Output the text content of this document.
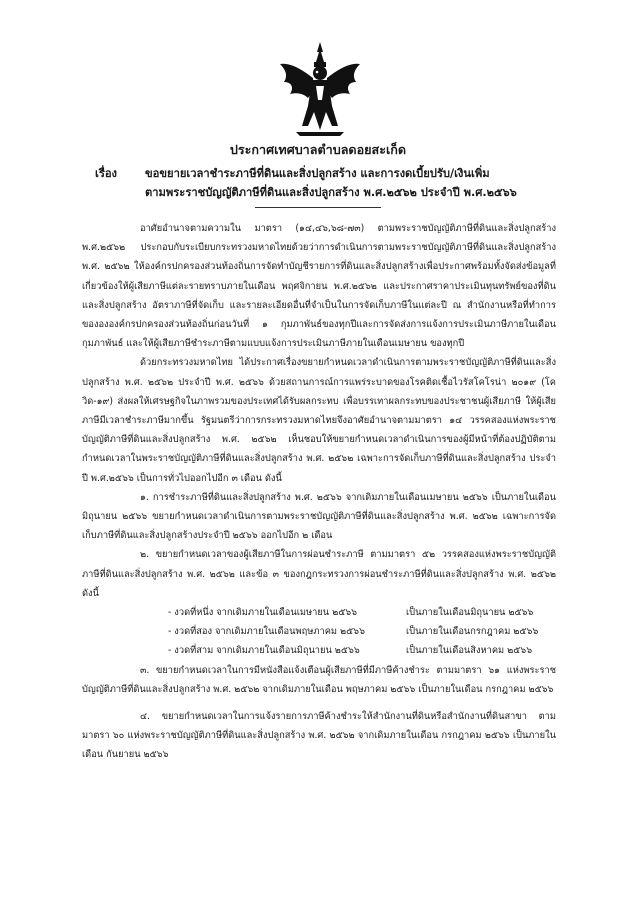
ประกาศเทศบาลตำบลดอยสะเก็ด
เรื่อง ขอขยายเวลาชำระภาษีที่ดินและสิ่งปลูกสร้าง และการงดเบี้ยปรับ/เงินเพิ่ม
ตามพระราชบัญญัติภาษีที่ดินและสิ่งปลูกสร้าง พ.ศ.๒๕๖๒ ประจำปี พ.ศ.๒๕๖๖

อาศัยอำนาจตามความใน มาตรา (๑๔,๔๖,๖๘-๗๓) ตามพระราชบัญญัติภาษีที่ดินและสิ่งปลูกสร้าง พ.ศ.๒๕๖๒ ประกอบกับระเบียบกระทรวงมหาดไทยด้วยว่าการดำเนินการตามพระราชบัญญัติภาษีที่ดินและสิ่งปลูกสร้าง พ.ศ. ๒๕๖๒ ให้องค์กรปกครองส่วนท้องถิ่นการจัดทำบัญชีรายการที่ดินและสิ่งปลูกสร้างเพื่อประกาศพร้อมทั้งจัดส่งข้อมูลที่เกี่ยวข้องให้ผู้เสียภาษีแต่ละรายทราบภายในเดือน พฤศจิกายน พ.ศ.๒๕๖๒ และประกาศราคาประเมินทุนทรัพย์ของที่ดินและสิ่งปลูกสร้าง อัตราภาษีที่จัดเก็บ และรายละเอียดอื่นที่จำเป็นในการจัดเก็บภาษีในแต่ละปี ณ สำนักงานหรือที่ทำการของององค์กรปกครองส่วนท้องถิ่นก่อนวันที่ ๑ กุมภาพันธ์ของทุกปีและการจัดส่งการแจ้งการประเมินภาษีภายในเดือน กุมภาพันธ์ และให้ผู้เสียภาษีชำระภาษีตามแบบแจ้งการประเมินภาษีภายในเดือนเมษายน ของทุกปี

ด้วยกระทรวงมหาดไทย ได้ประกาศเรื่องขยายกำหนดเวลาดำเนินการตามพระราชบัญญัติภาษีที่ดินและสิ่งปลูกสร้าง พ.ศ. ๒๕๖๒ ประจำปี พ.ศ. ๒๕๖๖ ด้วยสถานการณ์การแพร่ระบาดของโรคติดเชื้อไวรัสโคโรน่า ๒๐๑๙ (โควิด-๑๙) ส่งผลให้เศรษฐกิจในภาพรวมของประเทศได้รับผลกระทบ เพื่อบรรเทาผลกระทบของประชาชนผู้เสียภาษี ให้ผู้เสียภาษีมีเวลาชำระภาษีมากขึ้น รัฐมนตรีว่าการกระทรวงมหาดไทยจึงอาศัยอำนาจตามมาตรา ๑๔ วรรคสองแห่งพระราชบัญญัติภาษีที่ดินและสิ่งปลูกสร้าง พ.ศ. ๒๕๖๒ เห็นชอบให้ขยายกำหนดเวลาดำเนินการของผู้มีหน้าที่ต้องปฏิบัติตามกำหนดเวลาในพระราชบัญญัติภาษีที่ดินและสิ่งปลูกสร้าง พ.ศ. ๒๕๖๒ เฉพาะการจัดเก็บภาษีที่ดินและสิ่งปลูกสร้าง ประจำปี พ.ศ.๒๕๖๖ เป็นการทั่วไปออกไปอีก ๓ เดือน ดังนี้

๑. การชำระภาษีที่ดินและสิ่งปลูกสร้าง พ.ศ. ๒๕๖๖ จากเดิมภายในเดือนเมษายน ๒๕๖๖ เป็นภายในเดือน มิถุนายน ๒๕๖๖ ขยายกำหนดเวลาดำเนินการตามพระราชบัญญัติภาษีที่ดินและสิ่งปลูกสร้าง พ.ศ. ๒๕๖๒ เฉพาะการจัดเก็บภาษีที่ดินและสิ่งปลูกสร้างประจำปี ๒๕๖๖ ออกไปอีก ๒ เดือน

๒. ขยายกำหนดเวลาของผู้เสียภาษีในการผ่อนชำระภาษี ตามมาตรา ๕๒ วรรคสองแห่งพระราชบัญญัติภาษีที่ดินและสิ่งปลูกสร้าง พ.ศ. ๒๕๖๒ และข้อ ๓ ของกฎกระทรวงการผ่อนชำระภาษีที่ดินและสิ่งปลูกสร้าง พ.ศ. ๒๕๖๒ ดังนี้

- งวดที่หนึ่ง จากเดิมภายในเดือนเมษายน ๒๕๖๖	เป็นภายในเดือนมิถุนายน ๒๕๖๖
- งวดที่สอง จากเดิมภายในเดือนพฤษภาคม ๒๕๖๖	เป็นภายในเดือนกรกฎาคม ๒๕๖๖
- งวดที่สาม จากเดิมภายในเดือนมิถุนายน ๒๕๖๖	เป็นภายในเดือนสิงหาคม ๒๕๖๖

๓. ขยายกำหนดเวลาในการมีหนังสือแจ้งเตือนผู้เสียภาษีที่มีภาษีค้างชำระ ตามมาตรา ๖๑ แห่งพระราชบัญญัติภาษีที่ดินและสิ่งปลูกสร้าง พ.ศ. ๒๕๖๒ จากเดิมภายในเดือน พฤษภาคม ๒๕๖๖ เป็นภายในเดือน กรกฎาคม ๒๕๖๖

๔. ขยายกำหนดเวลาในการแจ้งรายการภาษีค้างชำระให้สำนักงานที่ดินหรือสำนักงานที่ดินสาขา ตามมาตรา ๖๐ แห่งพระราชบัญญัติภาษีที่ดินและสิ่งปลูกสร้าง พ.ศ. ๒๕๖๒ จากเดิมภายในเดือน กรกฎาคม ๒๕๖๖ เป็นภายในเดือน กันยายน ๒๕๖๖
